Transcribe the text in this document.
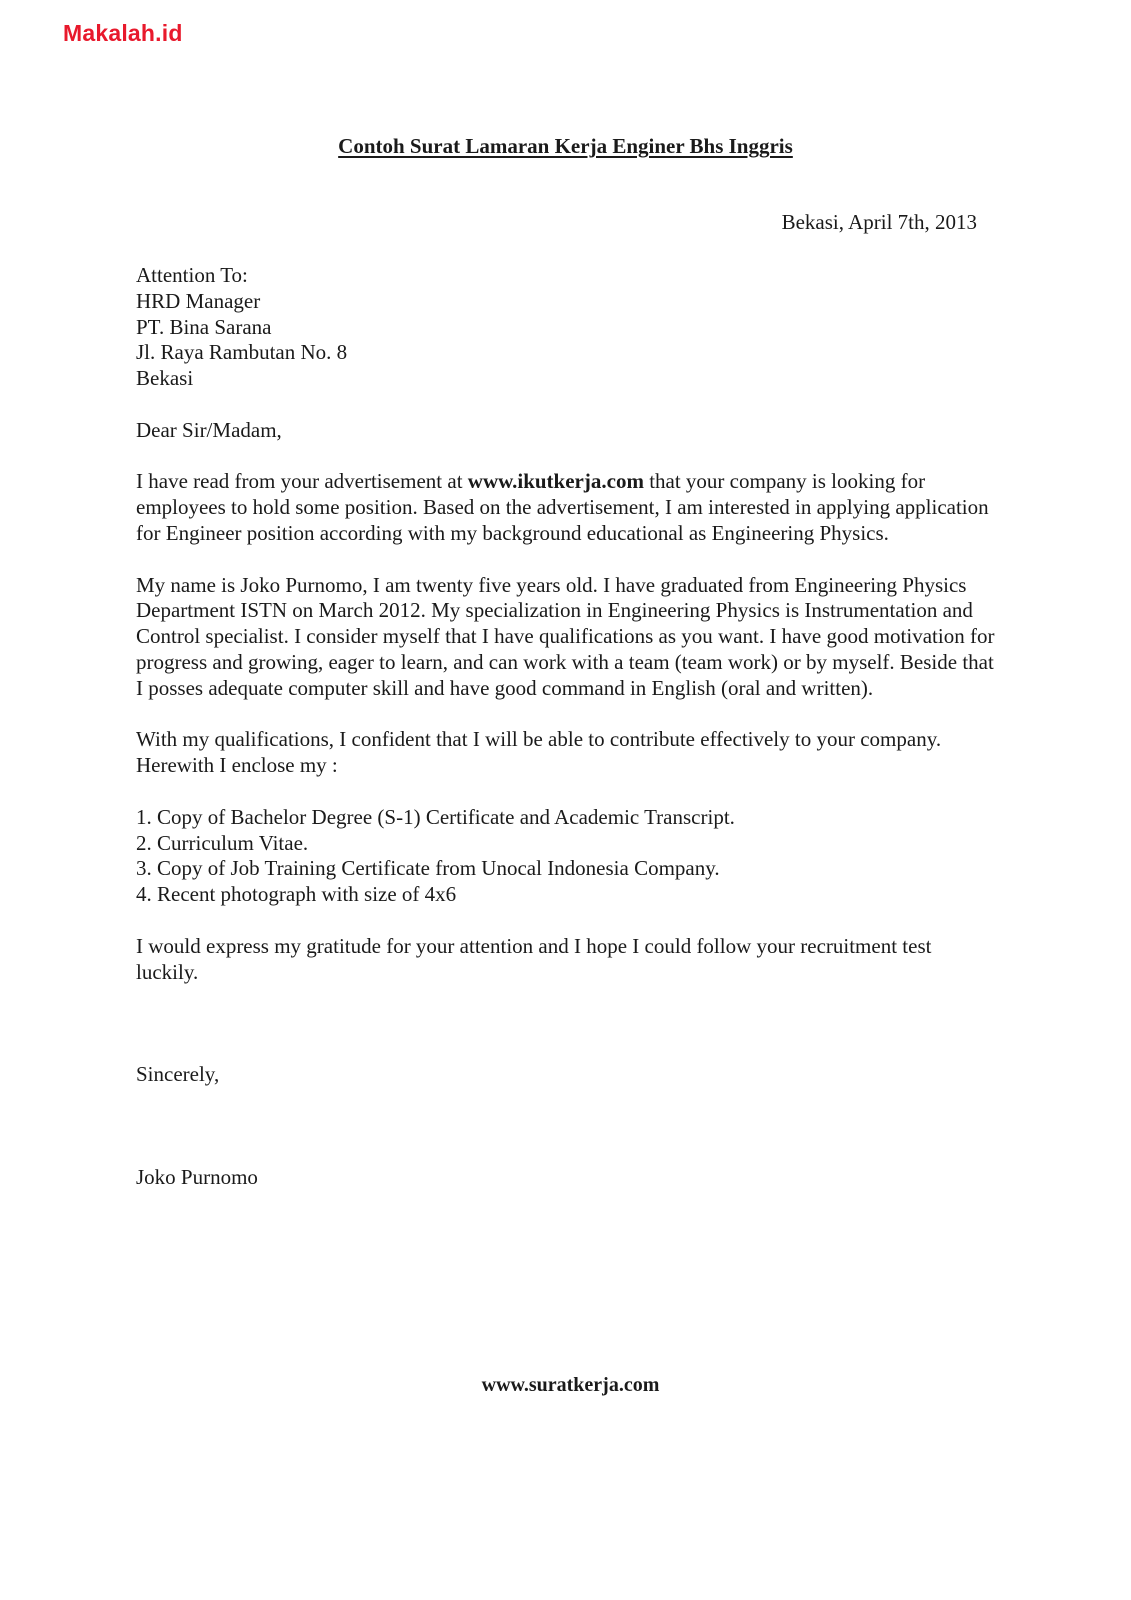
Makalah.id
Contoh Surat Lamaran Kerja Enginer Bhs Inggris
Bekasi, April 7th, 2013
Attention To:
HRD Manager
PT. Bina Sarana
Jl. Raya Rambutan No. 8
Bekasi

Dear Sir/Madam,

I have read from your advertisement at www.ikutkerja.com that your company is looking for employees to hold some position. Based on the advertisement, I am interested in applying application for Engineer position according with my background educational as Engineering Physics.

My name is Joko Purnomo, I am twenty five years old. I have graduated from Engineering Physics Department ISTN on March 2012. My specialization in Engineering Physics is Instrumentation and Control specialist. I consider myself that I have qualifications as you want. I have good motivation for progress and growing, eager to learn, and can work with a team (team work) or by myself. Beside that I posses adequate computer skill and have good command in English (oral and written).

With my qualifications, I confident that I will be able to contribute effectively to your company. Herewith I enclose my :

1. Copy of Bachelor Degree (S-1) Certificate and Academic Transcript.
2. Curriculum Vitae.
3. Copy of Job Training Certificate from Unocal Indonesia Company.
4. Recent photograph with size of 4x6

I would express my gratitude for your attention and I hope I could follow your recruitment test luckily.

Sincerely,

Joko Purnomo

www.suratkerja.com
